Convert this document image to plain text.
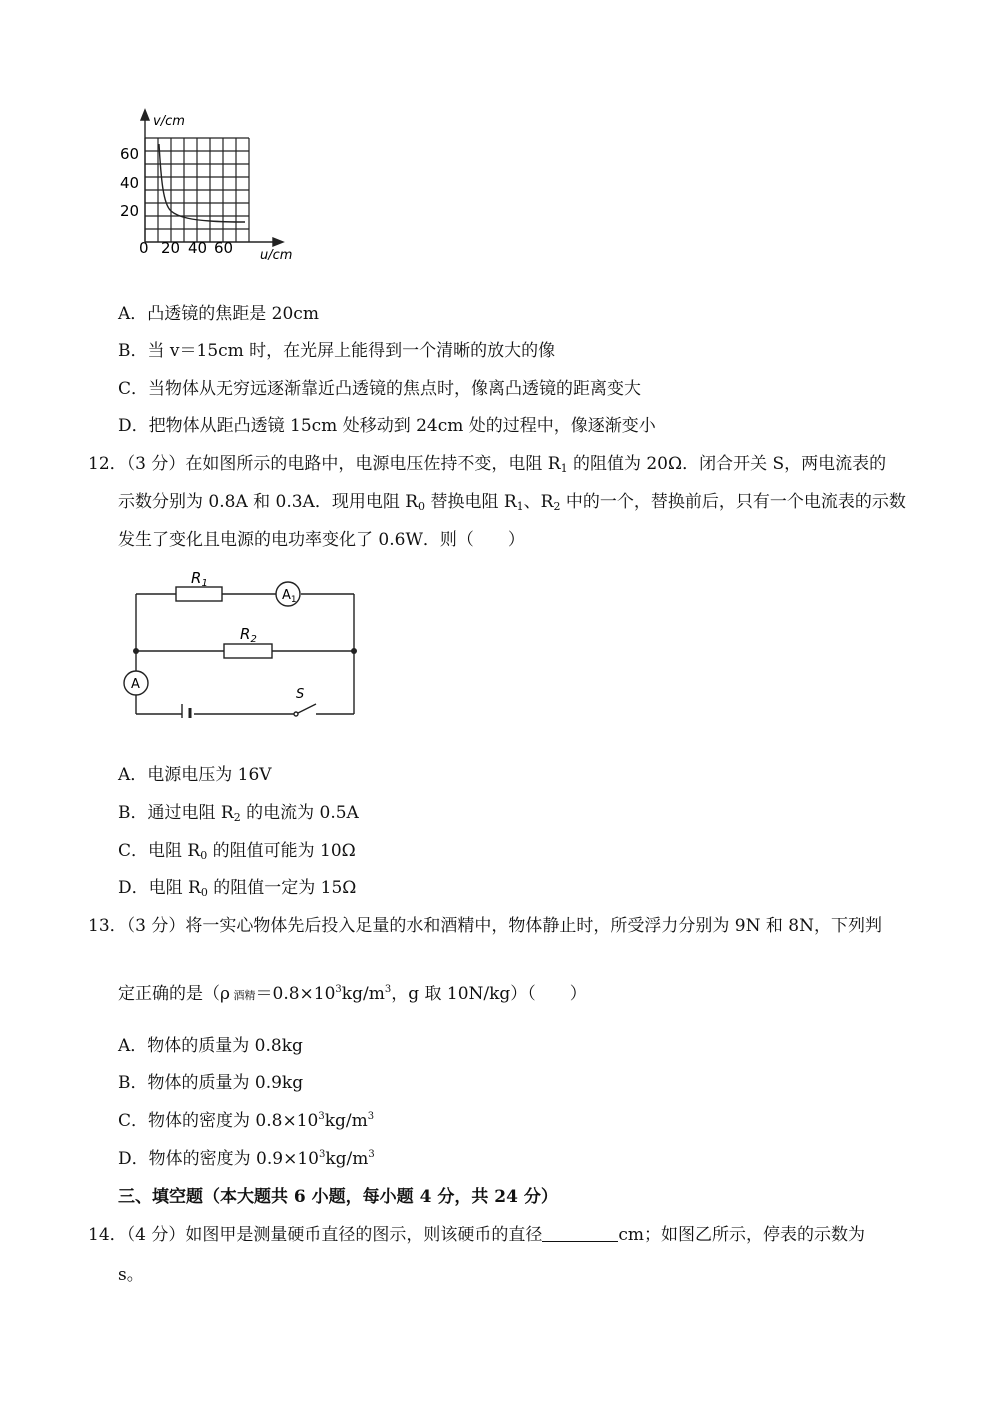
v/cm
60
40
20
0 20 40 60 u/cm
A．凸透镜的焦距是 20cm
B．当 v＝15cm 时，在光屏上能得到一个清晰的放大的像
C．当物体从无穷远逐渐靠近凸透镜的焦点时，像离凸透镜的距离变大
D．把物体从距凸透镜 15cm 处移动到 24cm 处的过程中，像逐渐变小
12．（3 分）在如图所示的电路中，电源电压佐持不变，电阻 $R_1$ 的阻值为 20Ω．闭合开关 S，两电流表的
示数分别为 0.8A 和 0.3A．现用电阻 $R_0$ 替换电阻 $R_1$、$R_2$ 中的一个，替换前后，只有一个电流表的示数
发生了变化且电源的电功率变化了 0.6W．则（　　）
$R_1$
$R_2$
$A_1$
A
S
A．电源电压为 16V
B．通过电阻 $R_2$ 的电流为 0.5A
C．电阻 $R_0$ 的阻值可能为 10Ω
D．电阻 $R_0$ 的阻值一定为 15Ω
13．（3 分）将一实心物体先后投入足量的水和酒精中，物体静止时，所受浮力分别为 9N 和 8N，下列判
定正确的是（ρ 酒精$=0.8\times 10^3kg/m^3$，g 取 10N/kg）（　　）
A．物体的质量为 0.8kg
B．物体的质量为 0.9kg
C．物体的密度为 $0.8\times 10^3kg/m^3$
D．物体的密度为 $0.9\times 10^3kg/m^3$
三、填空题（本大题共 6 小题，每小题 4 分，共 24 分）
14．（4 分）如图甲是测量硬币直径的图示，则该硬币的直径	cm；如图乙所示，停表的示数为
s。
